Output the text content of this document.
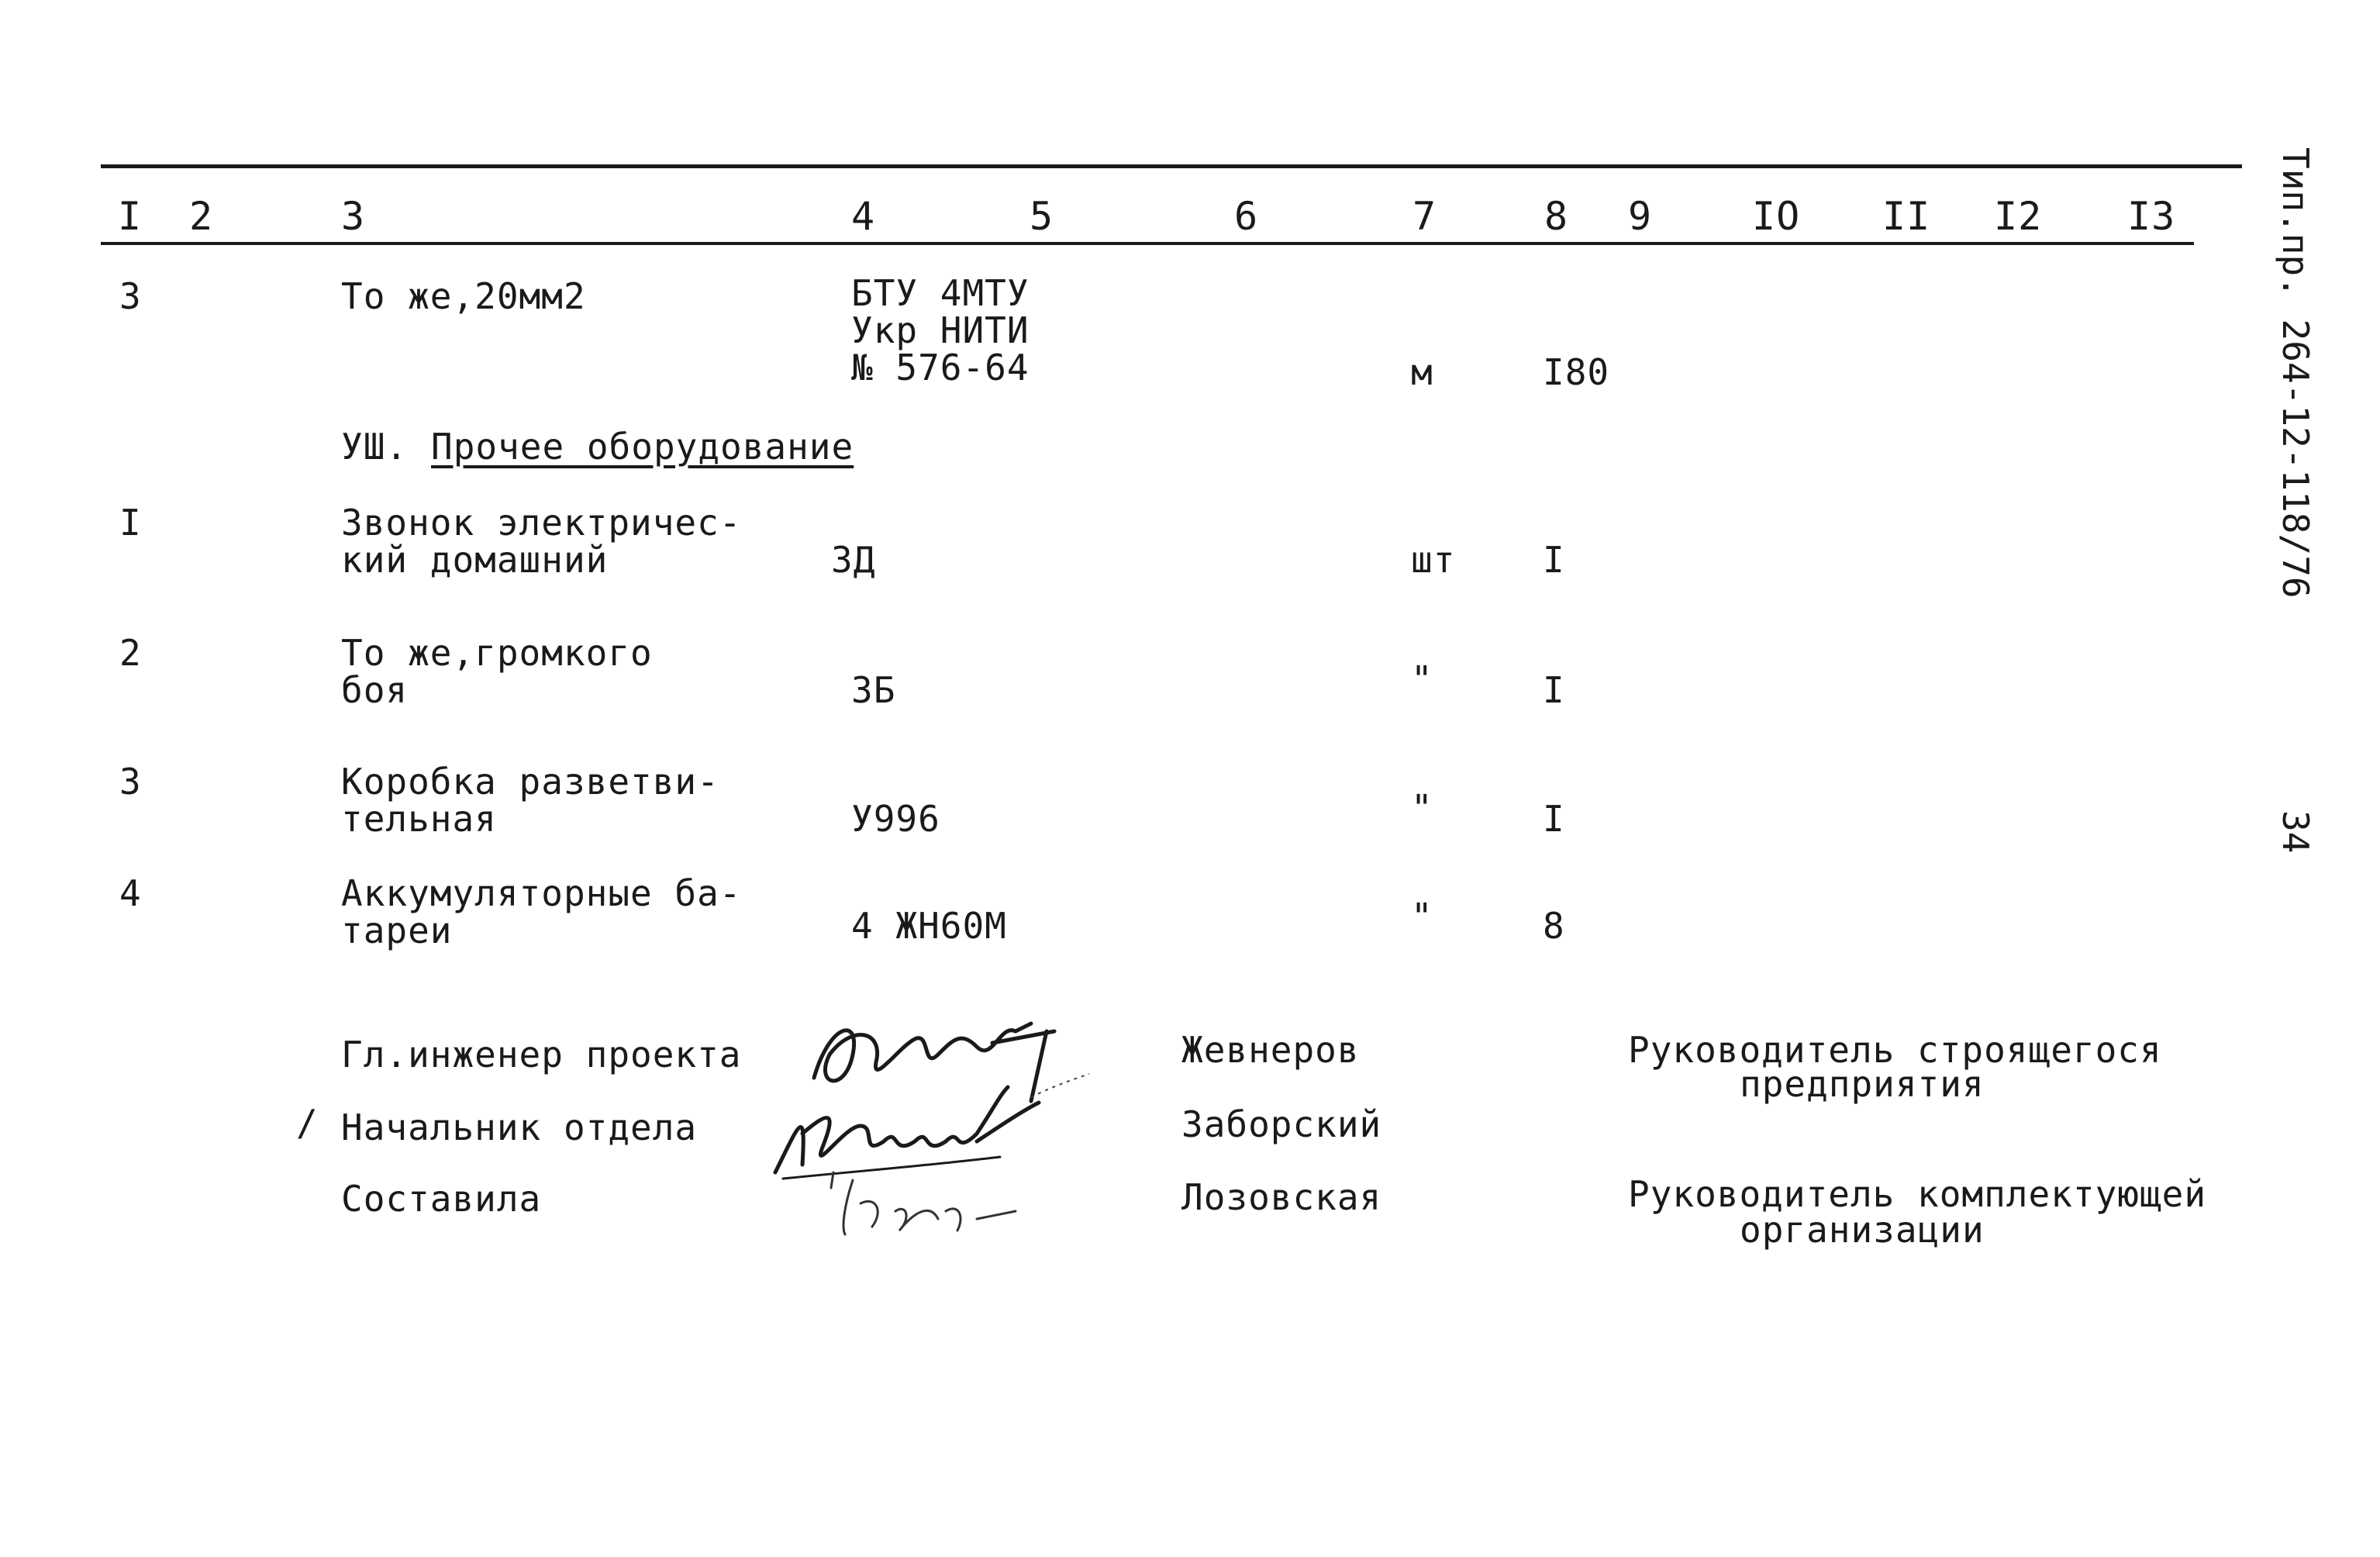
I 2	3	4	5	6	7	8 9	IO II I2 I3
3	То же,20мм2	БТУ 4МТУ
Укр НИТИ
№ 576-64	м	I80
УШ. Прочее оборудование
I	Звонок электричес-
кий домашний	3Д	шт I
2	То же,громкого
боя	3Б	"	I
3	Коробка разветви-
тельная	У996	"	I
4	Аккумуляторные ба-
тареи	4 ЖН60М	"	8
Гл.инженер проекта	Жевнеров
/ Начальник отдела	Заборский
Составила	Лозовская
Руководитель строящегося
предприятия
Руководитель комплектующей
организации
Тип.пр. 264-12-118/76
34
